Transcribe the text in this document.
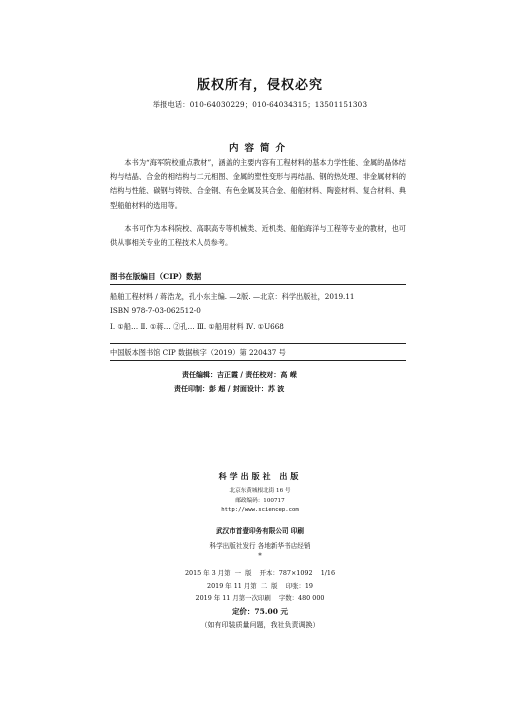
版权所有，侵权必究
举报电话：010-64030229；010-64034315；13501151303
内容简介
本书为“海军院校重点教材”，涵盖的主要内容有工程材料的基本力学性能、金属的晶体结构与结晶、合金的相结构与二元相图、金属的塑性变形与再结晶、钢的热处理、非金属材料的结构与性能、碳钢与铸铁、合金钢、有色金属及其合金、船舶材料、陶瓷材料、复合材料、典型船舶材料的选用等。
本书可作为本科院校、高职高专等机械类、近机类、船舶海洋与工程等专业的教材，也可供从事相关专业的工程技术人员参考。
图书在版编目（CIP）数据
船舶工程材料 / 蒋浩龙，孔小东主编. —2版. —北京：科学出版社，2019.11
ISBN 978-7-03-062512-0
Ⅰ. ①船… Ⅱ. ①蒋… ②孔… Ⅲ. ①船用材料 Ⅳ. ①U668
中国版本图书馆 CIP 数据核字（2019）第 220437 号
责任编辑：吉正霞 / 责任校对：高 嵘
责任印制：彭 超 / 封面设计：苏 波
科学出版社 出版
北京东黄城根北街 16 号
邮政编码：100717
http://www.sciencep.com
武汉市首壹印务有限公司 印刷
科学出版社发行 各地新华书店经销
*
2015 年 3 月第  一  版    开本：787×1092    1/16
2019 年 11 月第  二  版    印张：19
2019 年 11 月第一次印刷    字数：480 000
定价：75.00 元
（如有印装质量问题，我社负责调换）
